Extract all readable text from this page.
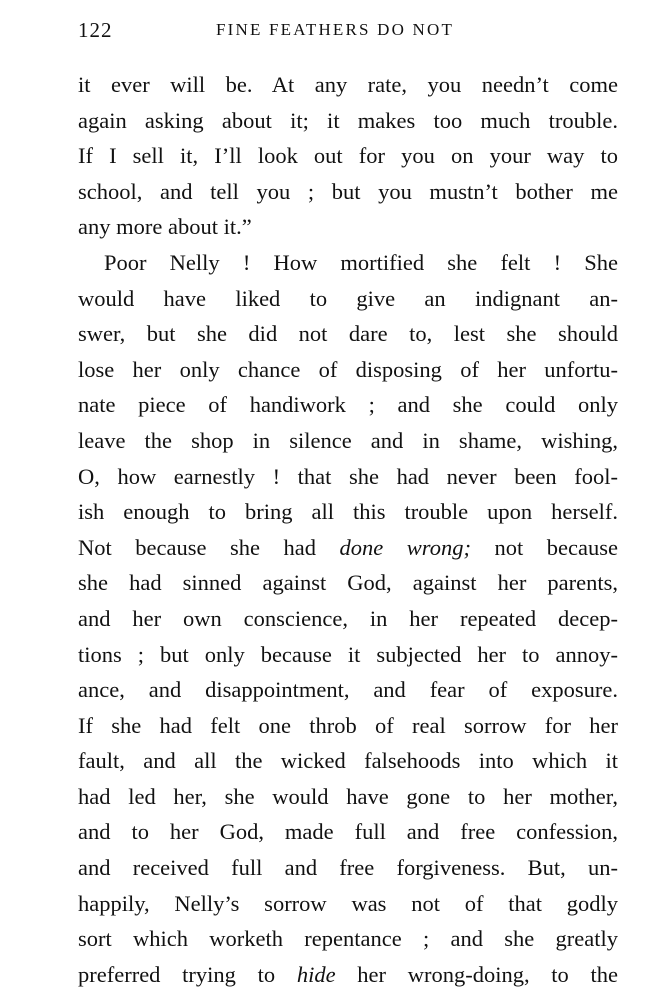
122	FINE FEATHERS DO NOT
it ever will be. At any rate, you needn’t come
again asking about it; it makes too much trouble.
If I sell it, I’ll look out for you on your way to
school, and tell you ; but you mustn’t bother me
any more about it.”
Poor Nelly ! How mortified she felt ! She
would have liked to give an indignant an-
swer, but she did not dare to, lest she should
lose her only chance of disposing of her unfortu-
nate piece of handiwork ; and she could only
leave the shop in silence and in shame, wishing,
O, how earnestly ! that she had never been fool-
ish enough to bring all this trouble upon herself.
Not because she had done wrong; not because
she had sinned against God, against her parents,
and her own conscience, in her repeated decep-
tions ; but only because it subjected her to annoy-
ance, and disappointment, and fear of exposure.
If she had felt one throb of real sorrow for her
fault, and all the wicked falsehoods into which it
had led her, she would have gone to her mother,
and to her God, made full and free confession,
and received full and free forgiveness. But, un-
happily, Nelly’s sorrow was not of that godly
sort which worketh repentance ; and she greatly
preferred trying to hide her wrong-doing, to the
